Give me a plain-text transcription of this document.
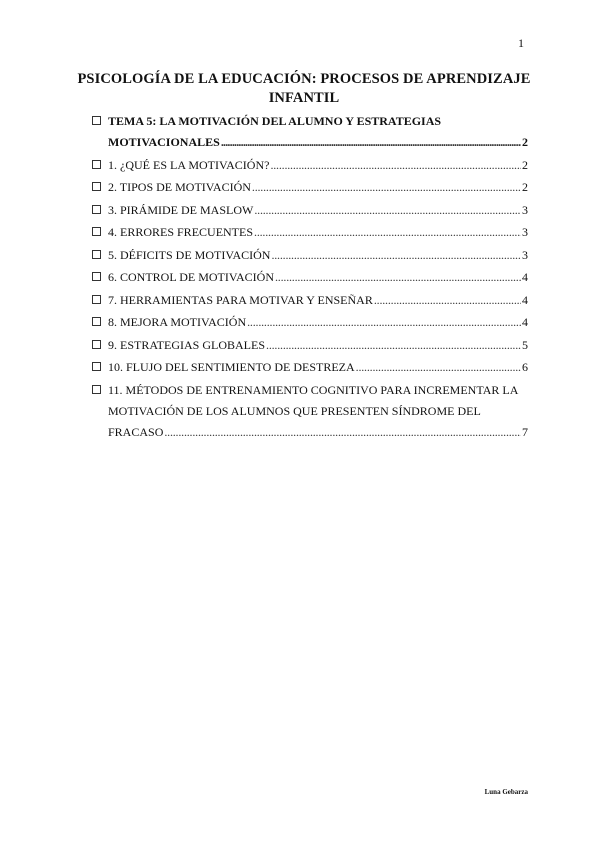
1
PSICOLOGÍA DE LA EDUCACIÓN: PROCESOS DE APRENDIZAJE
INFANTIL
TEMA 5: LA MOTIVACIÓN DEL ALUMNO Y ESTRATEGIAS
MOTIVACIONALES . . .	2
1. ¿QUÉ ES LA MOTIVACIÓN? . . .	2
2. TIPOS DE MOTIVACIÓN . . .	2
3. PIRÁMIDE DE MASLOW . . .	3
4. ERRORES FRECUENTES . . .	3
5. DÉFICITS DE MOTIVACIÓN . . .	3
6. CONTROL DE MOTIVACIÓN . . .	4
7. HERRAMIENTAS PARA MOTIVAR Y ENSEÑAR . . .	4
8. MEJORA MOTIVACIÓN . . .	4
9. ESTRATEGIAS GLOBALES . . .	5
10. FLUJO DEL SENTIMIENTO DE DESTREZA . . .	6
11. MÉTODOS DE ENTRENAMIENTO COGNITIVO PARA INCREMENTAR LA
MOTIVACIÓN DE LOS ALUMNOS QUE PRESENTEN SÍNDROME DEL
FRACASO . . .	7
Luna Gebarza
